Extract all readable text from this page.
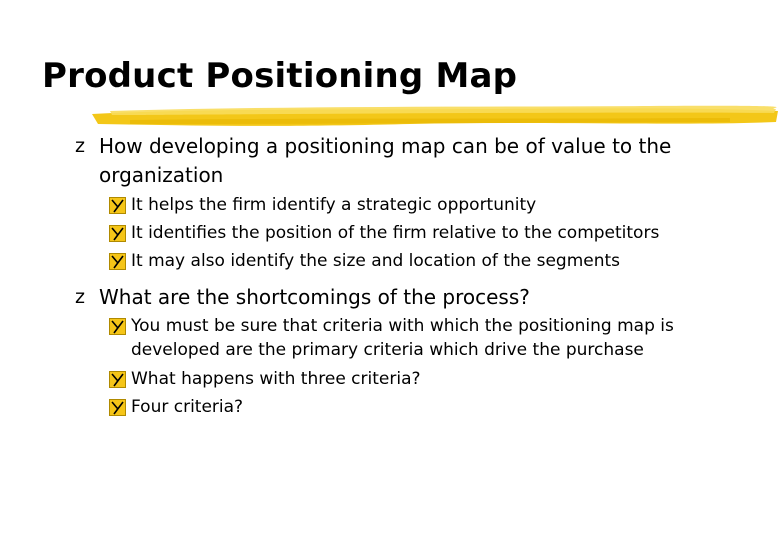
Product Positioning Map
z How developing a positioning map can be of value to the organization
It helps the firm identify a strategic opportunity
It identifies the position of the firm relative to the competitors
It may also identify the size and location of the segments
z What are the shortcomings of the process?
You must be sure that criteria with which the positioning map is developed are the primary criteria which drive the purchase
What happens with three criteria?
Four criteria?
